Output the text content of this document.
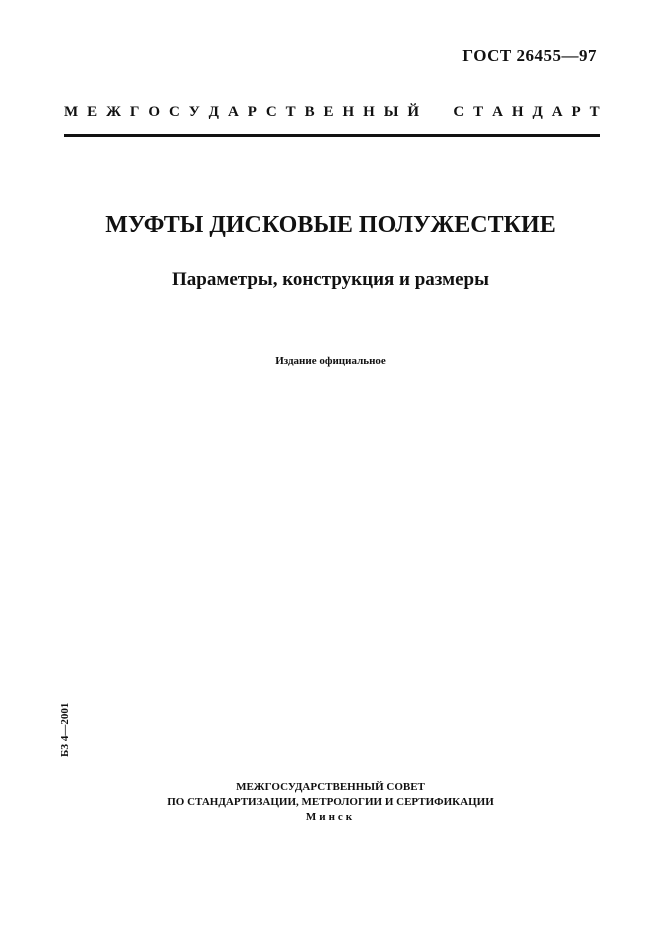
ГОСТ 26455—97
М Е Ж Г О С У Д А Р С Т В Е Н Н Ы Й

С Т А Н Д А Р Т
МУФТЫ ДИСКОВЫЕ ПОЛУЖЕСТКИЕ
Параметры, конструкция и размеры
Издание официальное
БЗ 4—2001
МЕЖГОСУДАРСТВЕННЫЙ СОВЕТ
ПО СТАНДАРТИЗАЦИИ, МЕТРОЛОГИИ И СЕРТИФИКАЦИИ
Минск
